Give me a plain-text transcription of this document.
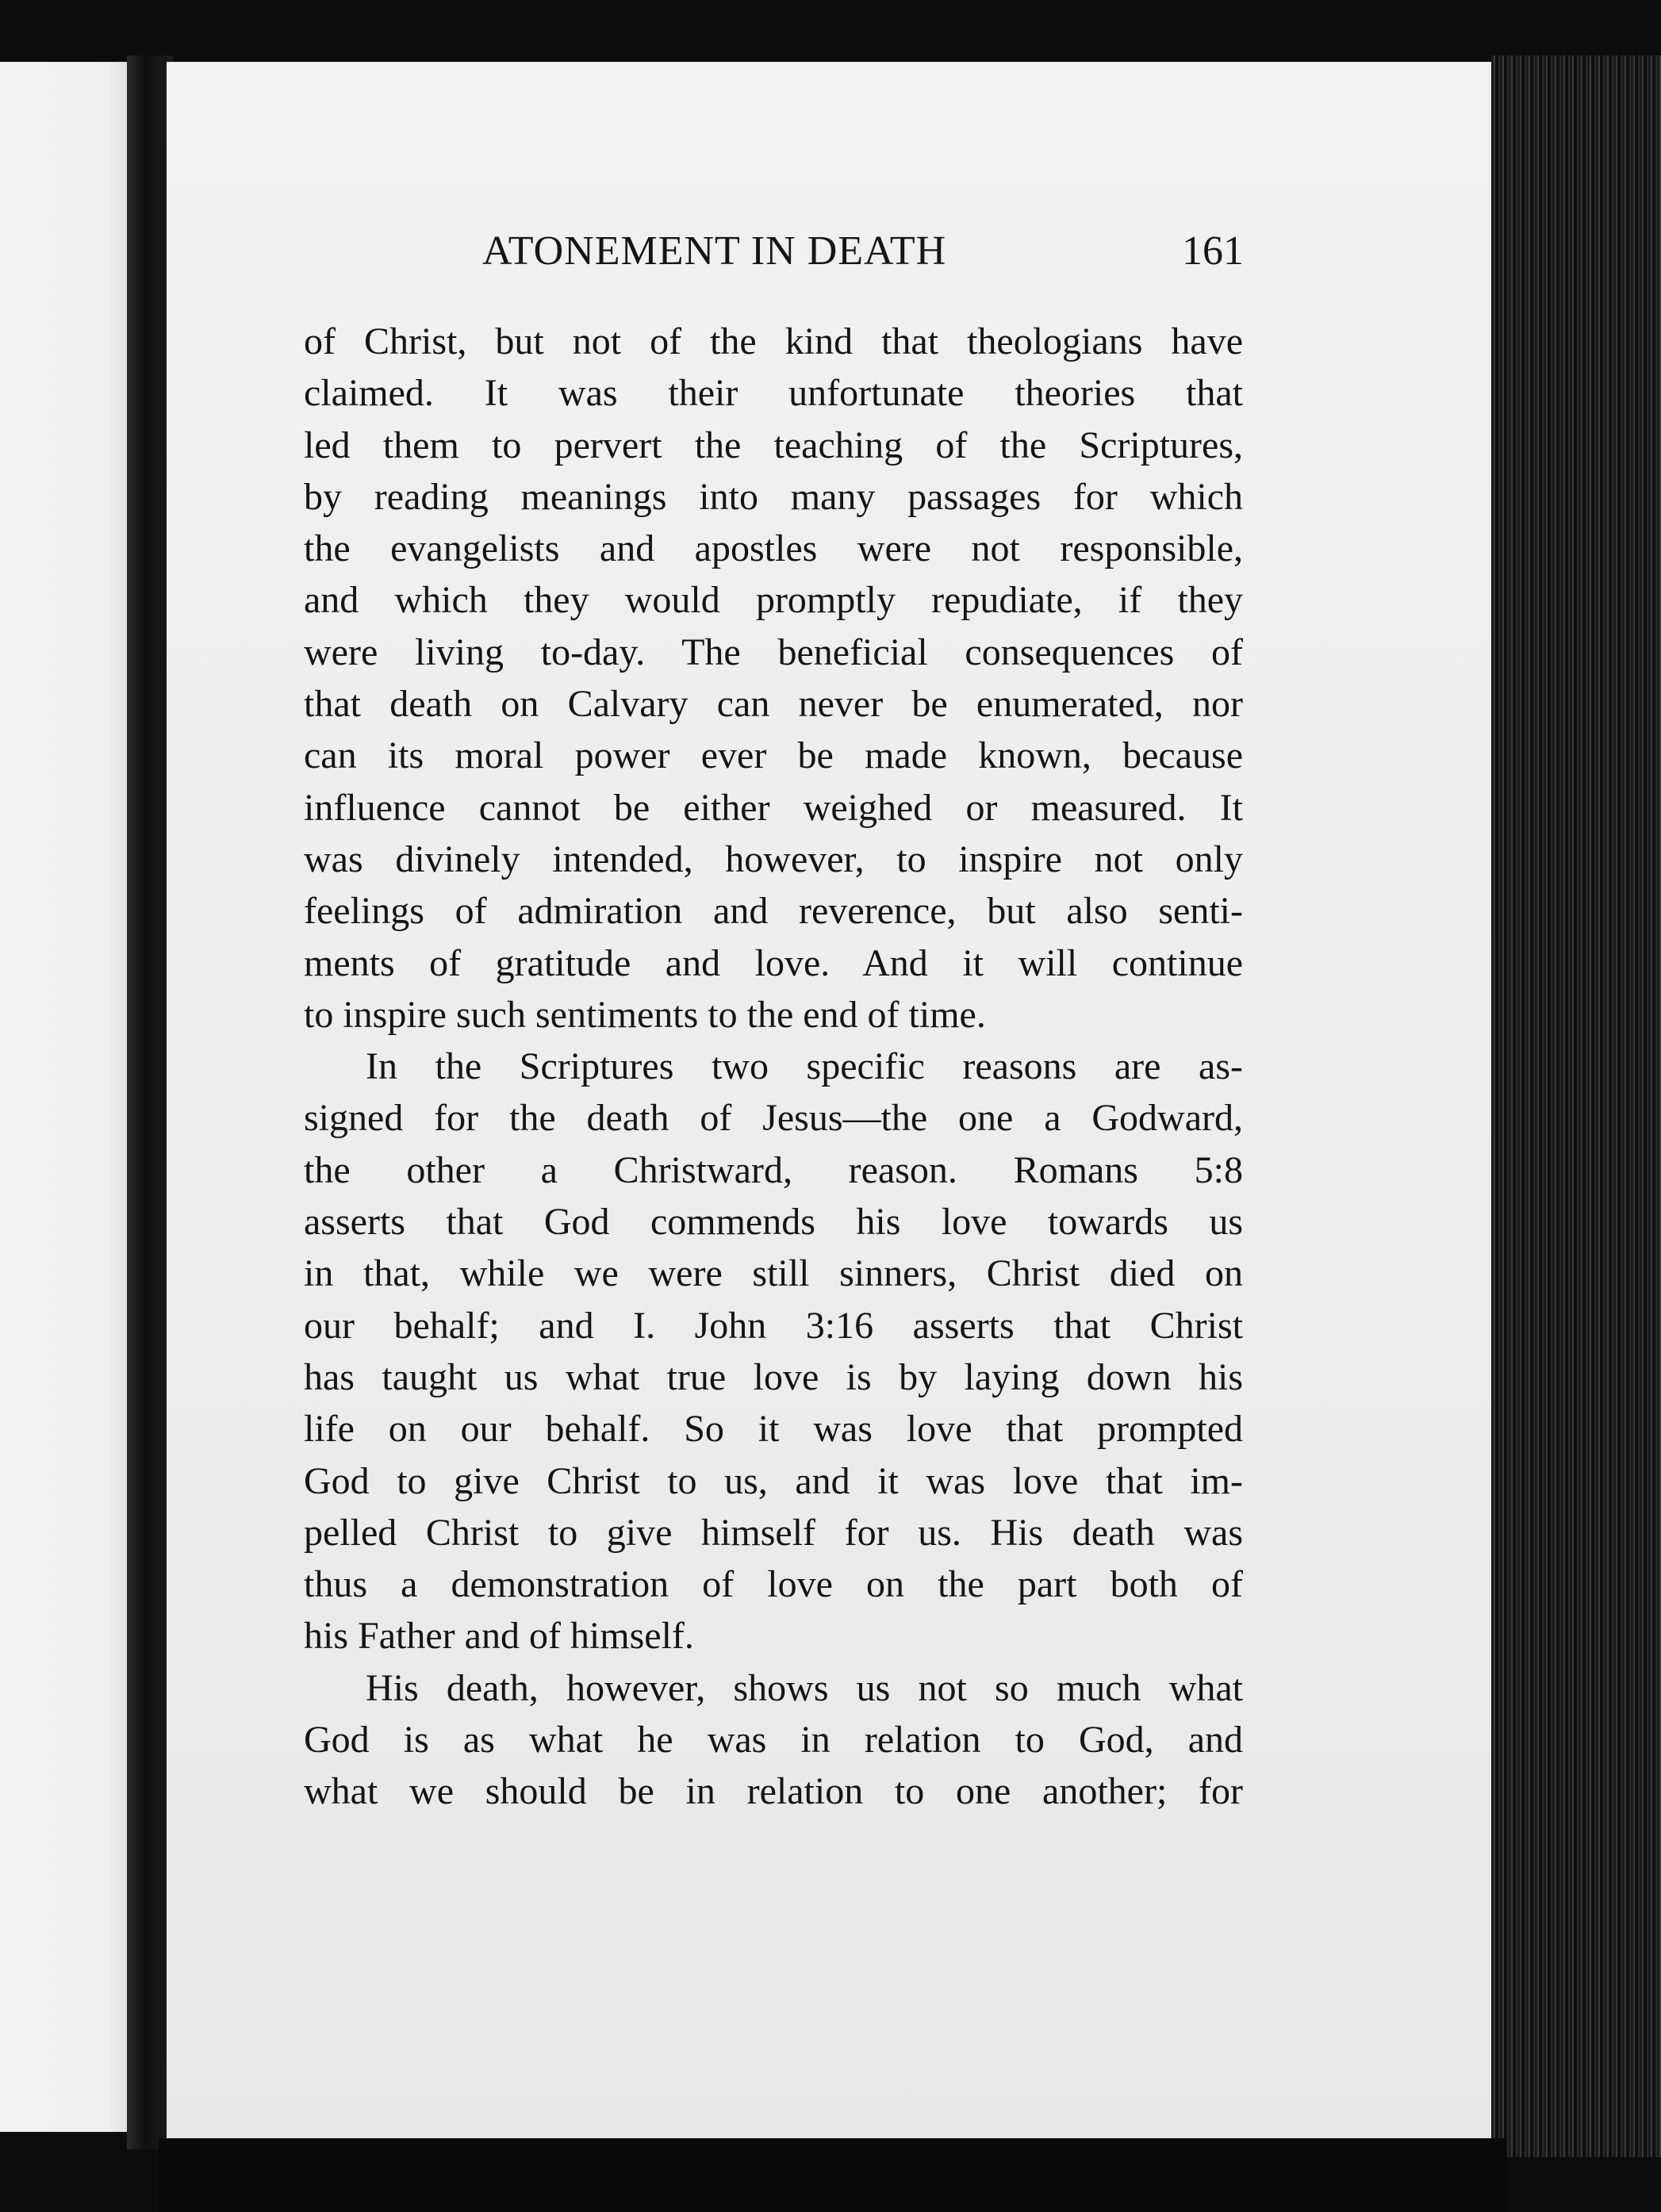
ATONEMENT IN DEATH	161
of Christ, but not of the kind that theologians have
claimed. It was their unfortunate theories that
led them to pervert the teaching of the Scriptures,
by reading meanings into many passages for which
the evangelists and apostles were not responsible,
and which they would promptly repudiate, if they
were living to-day. The beneficial consequences of
that death on Calvary can never be enumerated, nor
can its moral power ever be made known, because
influence cannot be either weighed or measured. It
was divinely intended, however, to inspire not only
feelings of admiration and reverence, but also senti-
ments of gratitude and love. And it will continue
to inspire such sentiments to the end of time.
In the Scriptures two specific reasons are as-
signed for the death of Jesus—the one a Godward,
the other a Christward, reason. Romans 5:8
asserts that God commends his love towards us
in that, while we were still sinners, Christ died on
our behalf; and I. John 3:16 asserts that Christ
has taught us what true love is by laying down his
life on our behalf. So it was love that prompted
God to give Christ to us, and it was love that im-
pelled Christ to give himself for us. His death was
thus a demonstration of love on the part both of
his Father and of himself.
His death, however, shows us not so much what
God is as what he was in relation to God, and
what we should be in relation to one another; for
